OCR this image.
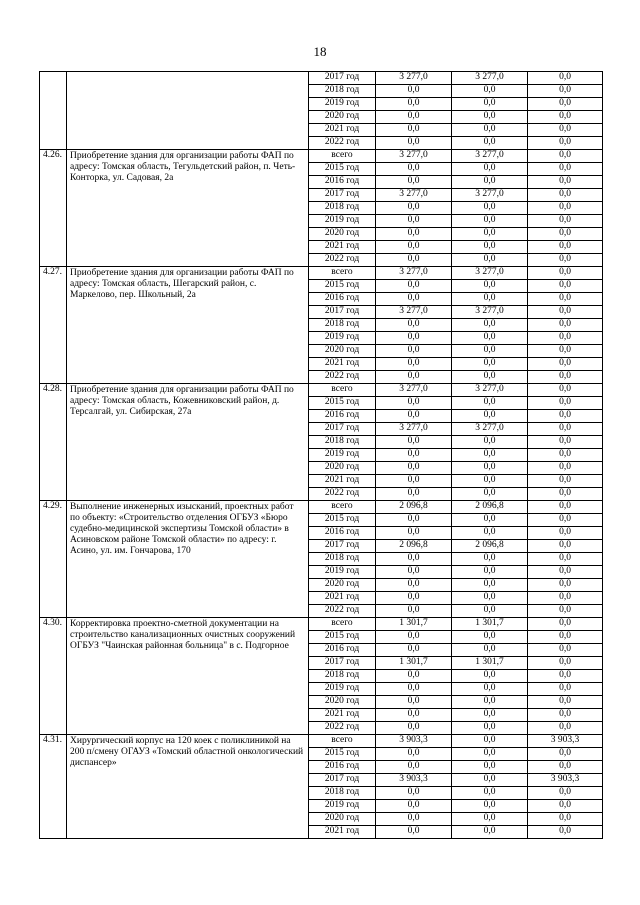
18
		2017 год	3 277,0	3 277,0	0,0
		2018 год	0,0	0,0	0,0
		2019 год	0,0	0,0	0,0
		2020 год	0,0	0,0	0,0
		2021 год	0,0	0,0	0,0
		2022 год	0,0	0,0	0,0
4.26.	Приобретение здания для организации работы ФАП по адресу: Томская область, Тегульдетский район, п. Четь-Конторка, ул. Садовая, 2а	всего	3 277,0	3 277,0	0,0
		2015 год	0,0	0,0	0,0
		2016 год	0,0	0,0	0,0
		2017 год	3 277,0	3 277,0	0,0
		2018 год	0,0	0,0	0,0
		2019 год	0,0	0,0	0,0
		2020 год	0,0	0,0	0,0
		2021 год	0,0	0,0	0,0
		2022 год	0,0	0,0	0,0
4.27.	Приобретение здания для организации работы ФАП по адресу: Томская область, Шегарский район, с. Маркелово, пер. Школьный, 2а	всего	3 277,0	3 277,0	0,0
		2015 год	0,0	0,0	0,0
		2016 год	0,0	0,0	0,0
		2017 год	3 277,0	3 277,0	0,0
		2018 год	0,0	0,0	0,0
		2019 год	0,0	0,0	0,0
		2020 год	0,0	0,0	0,0
		2021 год	0,0	0,0	0,0
		2022 год	0,0	0,0	0,0
4.28.	Приобретение здания для организации работы ФАП по адресу: Томская область, Кожевниковский район, д. Терсалгай, ул. Сибирская, 27а	всего	3 277,0	3 277,0	0,0
		2015 год	0,0	0,0	0,0
		2016 год	0,0	0,0	0,0
		2017 год	3 277,0	3 277,0	0,0
		2018 год	0,0	0,0	0,0
		2019 год	0,0	0,0	0,0
		2020 год	0,0	0,0	0,0
		2021 год	0,0	0,0	0,0
		2022 год	0,0	0,0	0,0
4.29.	Выполнение инженерных изысканий, проектных работ по объекту: «Строительство отделения ОГБУЗ «Бюро судебно-медицинской экспертизы Томской области» в Асиновском районе Томской области» по адресу: г. Асино, ул. им. Гончарова, 170	всего	2 096,8	2 096,8	0,0
		2015 год	0,0	0,0	0,0
		2016 год	0,0	0,0	0,0
		2017 год	2 096,8	2 096,8	0,0
		2018 год	0,0	0,0	0,0
		2019 год	0,0	0,0	0,0
		2020 год	0,0	0,0	0,0
		2021 год	0,0	0,0	0,0
		2022 год	0,0	0,0	0,0
4.30.	Корректировка проектно-сметной документации на строительство канализационных очистных сооружений ОГБУЗ "Чаинская районная больница" в с. Подгорное	всего	1 301,7	1 301,7	0,0
		2015 год	0,0	0,0	0,0
		2016 год	0,0	0,0	0,0
		2017 год	1 301,7	1 301,7	0,0
		2018 год	0,0	0,0	0,0
		2019 год	0,0	0,0	0,0
		2020 год	0,0	0,0	0,0
		2021 год	0,0	0,0	0,0
		2022 год	0,0	0,0	0,0
4.31.	Хирургический корпус на 120 коек с поликлиникой на 200 п/смену ОГАУЗ «Томский областной онкологический диспансер»	всего	3 903,3	0,0	3 903,3
		2015 год	0,0	0,0	0,0
		2016 год	0,0	0,0	0,0
		2017 год	3 903,3	0,0	3 903,3
		2018 год	0,0	0,0	0,0
		2019 год	0,0	0,0	0,0
		2020 год	0,0	0,0	0,0
		2021 год	0,0	0,0	0,0
